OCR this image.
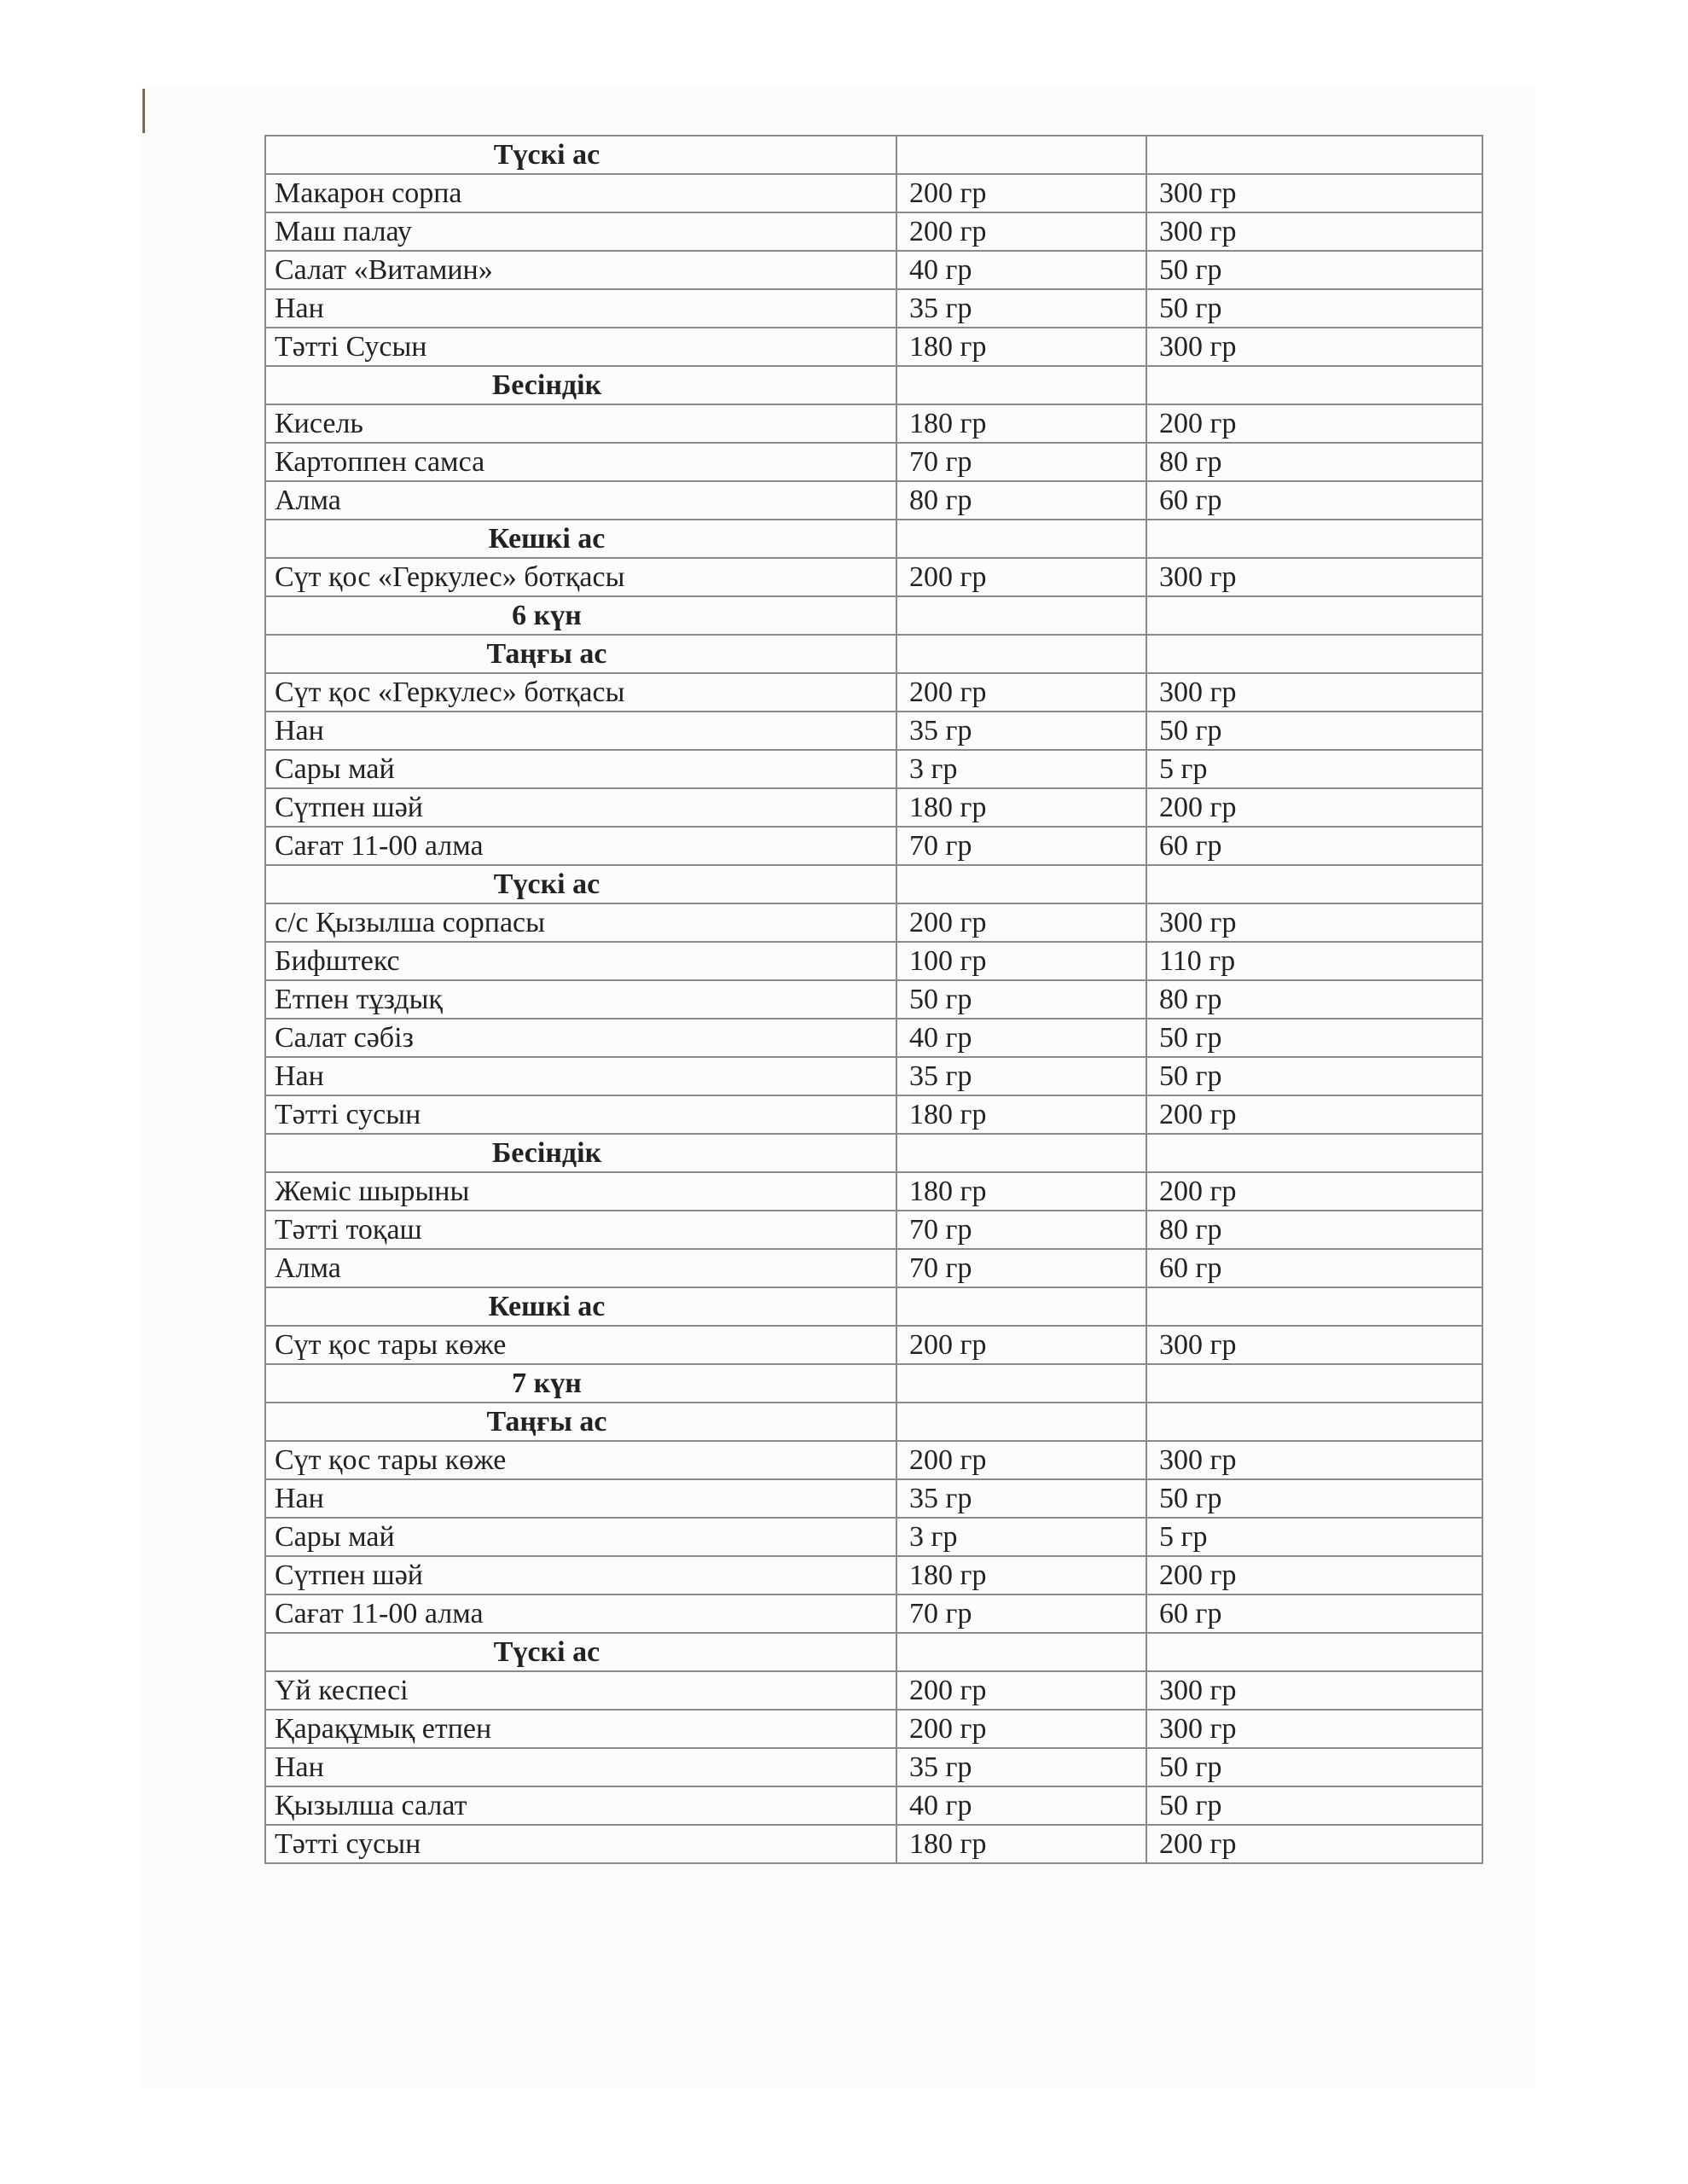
Түскі ас		
Макарон сорпа	200 гр	300 гр
Маш палау	200 гр	300 гр
Салат «Витамин»	40 гр	50 гр
Нан	35 гр	50 гр
Тәтті Сусын	180 гр	300 гр
Бесіндік		
Кисель	180 гр	200 гр
Картоппен самса	70 гр	80 гр
Алма	80 гр	60 гр
Кешкі ас		
Сүт қос «Геркулес» ботқасы	200 гр	300 гр
6 күн		
Таңғы ас		
Сүт қос «Геркулес» ботқасы	200 гр	300 гр
Нан	35 гр	50 гр
Сары май	3 гр	5 гр
Сүтпен шәй	180 гр	200 гр
Сағат 11-00 алма	70 гр	60 гр
Түскі ас		
с/с Қызылша сорпасы	200 гр	300 гр
Бифштекс	100 гр	110 гр
Етпен тұздық	50 гр	80 гр
Салат сәбіз	40 гр	50 гр
Нан	35 гр	50 гр
Тәтті сусын	180 гр	200 гр
Бесіндік		
Жеміс шырыны	180 гр	200 гр
Тәтті тоқаш	70 гр	80 гр
Алма	70 гр	60 гр
Кешкі ас		
Сүт қос тары көже	200 гр	300 гр
7 күн		
Таңғы ас		
Сүт қос тары көже	200 гр	300 гр
Нан	35 гр	50 гр
Сары май	3 гр	5 гр
Сүтпен шәй	180 гр	200 гр
Сағат 11-00 алма	70 гр	60 гр
Түскі ас		
Үй кеспесі	200 гр	300 гр
Қарақұмық етпен	200 гр	300 гр
Нан	35 гр	50 гр
Қызылша салат	40 гр	50 гр
Тәтті сусын	180 гр	200 гр
